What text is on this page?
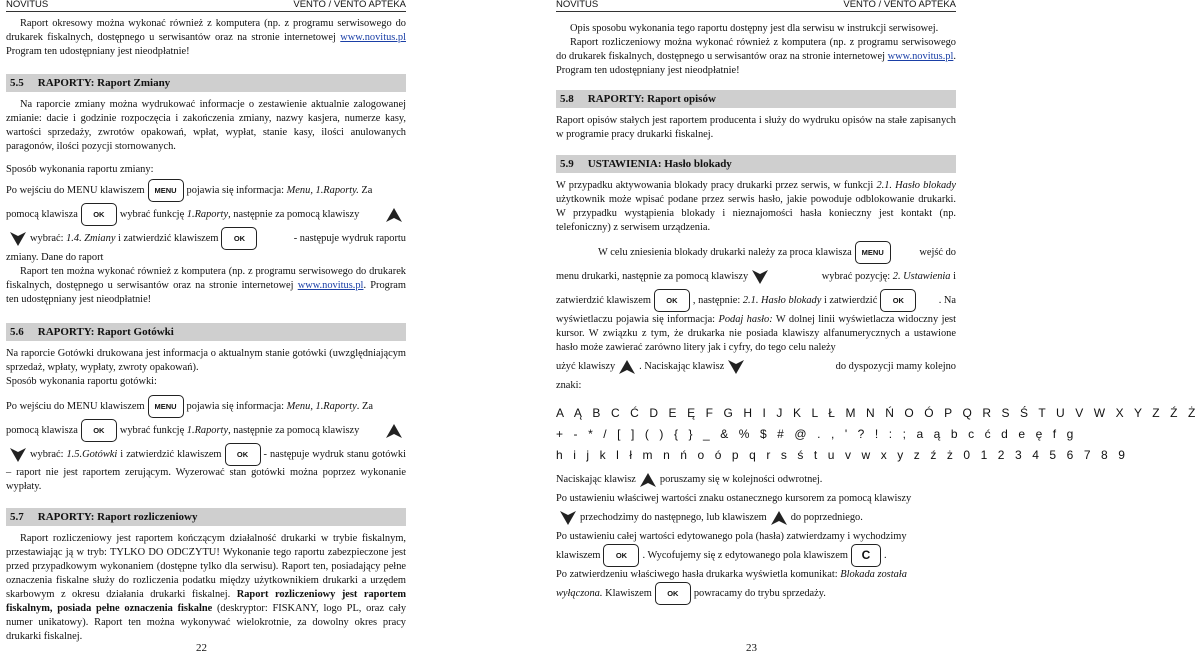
NOVITUS	VENTO / VENTO APTEKA

Raport okresowy można wykonać również z komputera (np. z programu serwisowego do drukarek fiskalnych, dostępnego u serwisantów oraz na stronie internetowej www.novitus.pl Program ten udostępniany jest nieodpłatnie!

5.5 RAPORTY: Raport Zmiany

Na raporcie zmiany można wydrukować informacje o zestawienie aktualnie zalogowanej zmianie: dacie i godzinie rozpoczęcia i zakończenia zmiany, nazwy kasjera, numerze kasy, wartości sprzedaży, zwrotów opakowań, wpłat, wypłat, stanie kasy, ilości anulowanych paragonów, ilości pozycji stornowanych.

Sposób wykonania raportu zmiany:

Po wejściu do MENU klawiszem MENU pojawia się informacja: Menu, 1.Raporty. Za
pomocą klawisza OK wybrać funkcję 1.Raporty, następnie za pomocą klawiszy
wybrać: 1.4. Zmiany i zatwierdzić klawiszem OK	- następuje wydruk raportu

zmiany. Dane do raport

Raport ten można wykonać również z komputera (np. z programu serwisowego do drukarek fiskalnych, dostępnego u serwisantów oraz na stronie internetowej www.novitus.pl. Program ten udostępniany jest nieodpłatnie!

5.6 RAPORTY: Raport Gotówki

Na raporcie Gotówki drukowana jest informacja o aktualnym stanie gotówki (uwzględniającym sprzedaż, wpłaty, wypłaty, zwroty opakowań).

Sposób wykonania raportu gotówki:

Po wejściu do MENU klawiszem MENU pojawia się informacja: Menu, 1.Raporty. Za
pomocą klawisza OK wybrać funkcję 1.Raporty, następnie za pomocą klawiszy

wybrać: 1.5.Gotówki i zatwierdzić klawiszem OK - następuje wydruk stanu gotówki – raport nie jest raportem zerującym. Wyzerować stan gotówki można poprzez wykonanie wypłaty.

5.7 RAPORTY: Raport rozliczeniowy

Raport rozliczeniowy jest raportem kończącym działalność drukarki w trybie fiskalnym, przestawiając ją w tryb: TYLKO DO ODCZYTU! Wykonanie tego raportu zabezpieczone jest przed przypadkowym wykonaniem (dostępne tylko dla serwisu). Raport ten, posiadający pełne oznaczenia fiskalne służy do rozliczenia podatku między użytkownikiem drukarki a urzędem skarbowym z okresu działania drukarki fiskalnej. Raport rozliczeniowy jest raportem fiskalnym, posiada pełne oznaczenia fiskalne (deskryptor: FISKANY, logo PL, oraz cały numer unikatowy). Raport ten można wykonywać wielokrotnie, za dowolny okres pracy drukarki fiskalnej.

22
NOVITUS	VENTO / VENTO APTEKA

Opis sposobu wykonania tego raportu dostępny jest dla serwisu w instrukcji serwisowej.

Raport rozliczeniowy można wykonać również z komputera (np. z programu serwisowego do drukarek fiskalnych, dostępnego u serwisantów oraz na stronie internetowej www.novitus.pl. Program ten udostępniany jest nieodpłatnie!

5.8 RAPORTY: Raport opisów

Raport opisów stałych jest raportem producenta i służy do wydruku opisów na stałe zapisanych w programie pracy drukarki fiskalnej.

5.9 USTAWIENIA: Hasło blokady

W przypadku aktywowania blokady pracy drukarki przez serwis, w funkcji 2.1. Hasło blokady użytkownik może wpisać podane przez serwis hasło, jakie powoduje odblokowanie drukarki. W przypadku wystąpienia blokady i nieznajomości hasła konieczny jest kontakt (np. telefoniczny) z serwisem urządzenia.

W celu zniesienia blokady drukarki należy za proca klawisza MENU	wejść do
menu drukarki, następnie za pomocą klawiszy	wybrać pozycję: 2. Ustawienia i
zatwierdzić klawiszem OK , następnie: 2.1. Hasło blokady i zatwierdzić OK	. Na

wyświetlaczu pojawia się informacja: Podaj hasło: W dolnej linii wyświetlacza widoczny jest kursor. W związku z tym, że drukarka nie posiada klawiszy alfanumerycznych a ustawione hasło może zawierać zarówno litery jak i cyfry, do tego celu należy

użyć klawiszy . Naciskając klawisz	do dyspozycji mamy kolejno

znaki:

A Ą B C Ć D E Ę F G H I J K L Ł M N Ń O Ó P Q R S Ś T U V W X Y Z Ź Ż
+ - * / [ ] ( ) { } _ & % $ # @ . , ' ? ! : ; a ą b c ć d e ę f g
h i j k l ł m n ń o ó p q r s ś t u v w x y z ź ż 0 1 2 3 4 5 6 7 8 9
Naciskając klawisz poruszamy się w kolejności odwrotnej.

Po ustawieniu właściwej wartości znaku ostanecznego kursorem za pomocą klawiszy

przechodzimy do następnego, lub klawiszem do poprzedniego.

Po ustawieniu całej wartości edytowanego pola (hasła) zatwierdzamy i wychodzimy

klawiszem OK . Wycofujemy się z edytowanego pola klawiszem C .

Po zatwierdzeniu właściwego hasła drukarka wyświetla komunikat: Blokada została

wyłączona. Klawiszem OK powracamy do trybu sprzedaży.
23
